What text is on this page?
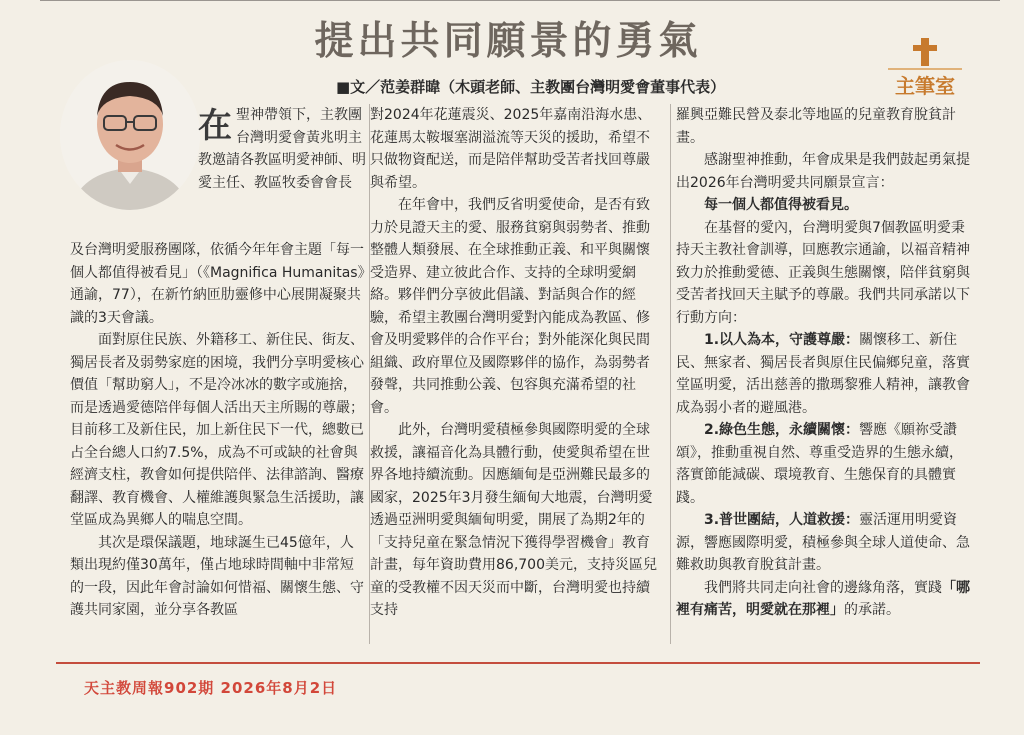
提出共同願景的勇氣
■文／范姜群暐（木頭老師、主教團台灣明愛會董事代表）	主筆室
在聖神帶領下，主教團台灣明愛會黃兆明主教邀請各教區明愛神師、明愛主任、教區牧委會會長

及台灣明愛服務團隊，依循今年年會主題「每一個人都值得被看見」（《Magnifica Humanitas》通諭，77），在新竹納匝肋靈修中心展開凝聚共識的3天會議。

面對原住民族、外籍移工、新住民、街友、獨居長者及弱勢家庭的困境，我們分享明愛核心價值「幫助窮人」，不是冷冰冰的數字或施捨，而是透過愛德陪伴每個人活出天主所賜的尊嚴；目前移工及新住民，加上新住民下一代，總數已占全台總人口約7.5%，成為不可或缺的社會與經濟支柱，教會如何提供陪伴、法律諮詢、醫療翻譯、教育機會、人權維護與緊急生活援助，讓堂區成為異鄉人的喘息空間。

其次是環保議題，地球誕生已45億年，人類出現約僅30萬年，僅占地球時間軸中非常短的一段，因此年會討論如何惜福、關懷生態、守護共同家園，並分享各教區

對2024年花蓮震災、2025年嘉南沿海水患、花蓮馬太鞍堰塞湖溢流等天災的援助，希望不只做物資配送，而是陪伴幫助受苦者找回尊嚴與希望。

在年會中，我們反省明愛使命，是否有致力於見證天主的愛、服務貧窮與弱勢者、推動整體人類發展、在全球推動正義、和平與關懷受造界、建立彼此合作、支持的全球明愛網絡。夥伴們分享彼此倡議、對話與合作的經驗，希望主教團台灣明愛對內能成為教區、修會及明愛夥伴的合作平台；對外能深化與民間組織、政府單位及國際夥伴的協作，為弱勢者發聲，共同推動公義、包容與充滿希望的社會。

此外，台灣明愛積極參與國際明愛的全球救援，讓福音化為具體行動，使愛與希望在世界各地持續流動。因應緬甸是亞洲難民最多的國家，2025年3月發生緬甸大地震，台灣明愛透過亞洲明愛與緬甸明愛，開展了為期2年的「支持兒童在緊急情況下獲得學習機會」教育計畫，每年資助費用86,700美元，支持災區兒童的受教權不因天災而中斷，台灣明愛也持續支持

羅興亞難民營及泰北等地區的兒童教育脫貧計畫。

感謝聖神推動，年會成果是我們鼓起勇氣提出2026年台灣明愛共同願景宣言：

每一個人都值得被看見。

在基督的愛內，台灣明愛與7個教區明愛秉持天主教社會訓導，回應教宗通諭，以福音精神致力於推動愛德、正義與生態關懷，陪伴貧窮與受苦者找回天主賦予的尊嚴。我們共同承諾以下行動方向：

1.以人為本，守護尊嚴：關懷移工、新住民、無家者、獨居長者與原住民偏鄉兒童，落實堂區明愛，活出慈善的撒瑪黎雅人精神，讓教會成為弱小者的避風港。

2.綠色生態，永續關懷：響應《願祢受讚頌》，推動重視自然、尊重受造界的生態永續，落實節能減碳、環境教育、生態保育的具體實踐。

3.普世團結，人道救援：靈活運用明愛資源，響應國際明愛，積極參與全球人道使命、急難救助與教育脫貧計畫。

我們將共同走向社會的邊緣角落，實踐「哪裡有痛苦，明愛就在那裡」的承諾。

天主教周報902期 2026年8月2日
